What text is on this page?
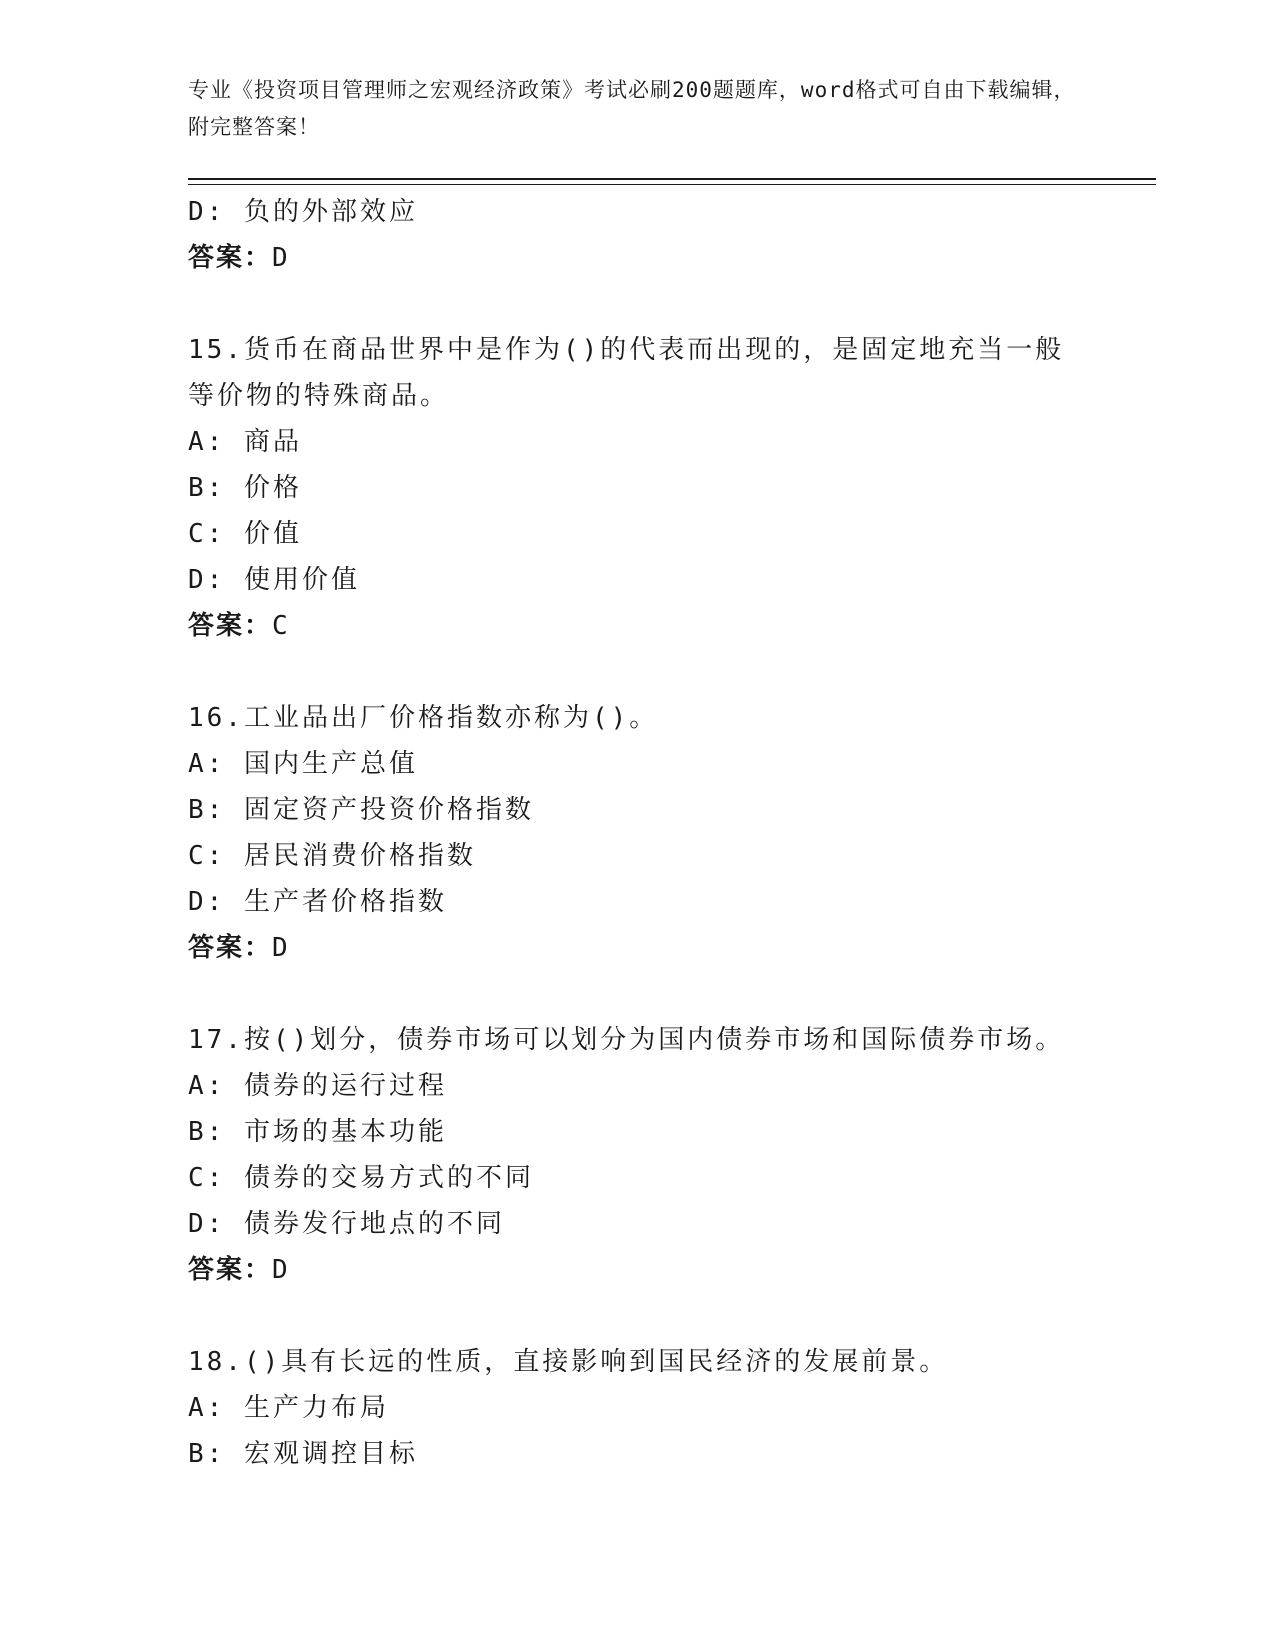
专业《投资项目管理师之宏观经济政策》考试必刷200题题库，word格式可自由下载编辑，附完整答案！
D: 负的外部效应
答案：D
15.货币在商品世界中是作为()的代表而出现的，是固定地充当一般等价物的特殊商品。
A: 商品
B: 价格
C: 价值
D: 使用价值
答案：C
16.工业品出厂价格指数亦称为()。
A: 国内生产总值
B: 固定资产投资价格指数
C: 居民消费价格指数
D: 生产者价格指数
答案：D
17.按()划分，债券市场可以划分为国内债券市场和国际债券市场。
A: 债券的运行过程
B: 市场的基本功能
C: 债券的交易方式的不同
D: 债券发行地点的不同
答案：D
18.()具有长远的性质，直接影响到国民经济的发展前景。
A: 生产力布局
B: 宏观调控目标
